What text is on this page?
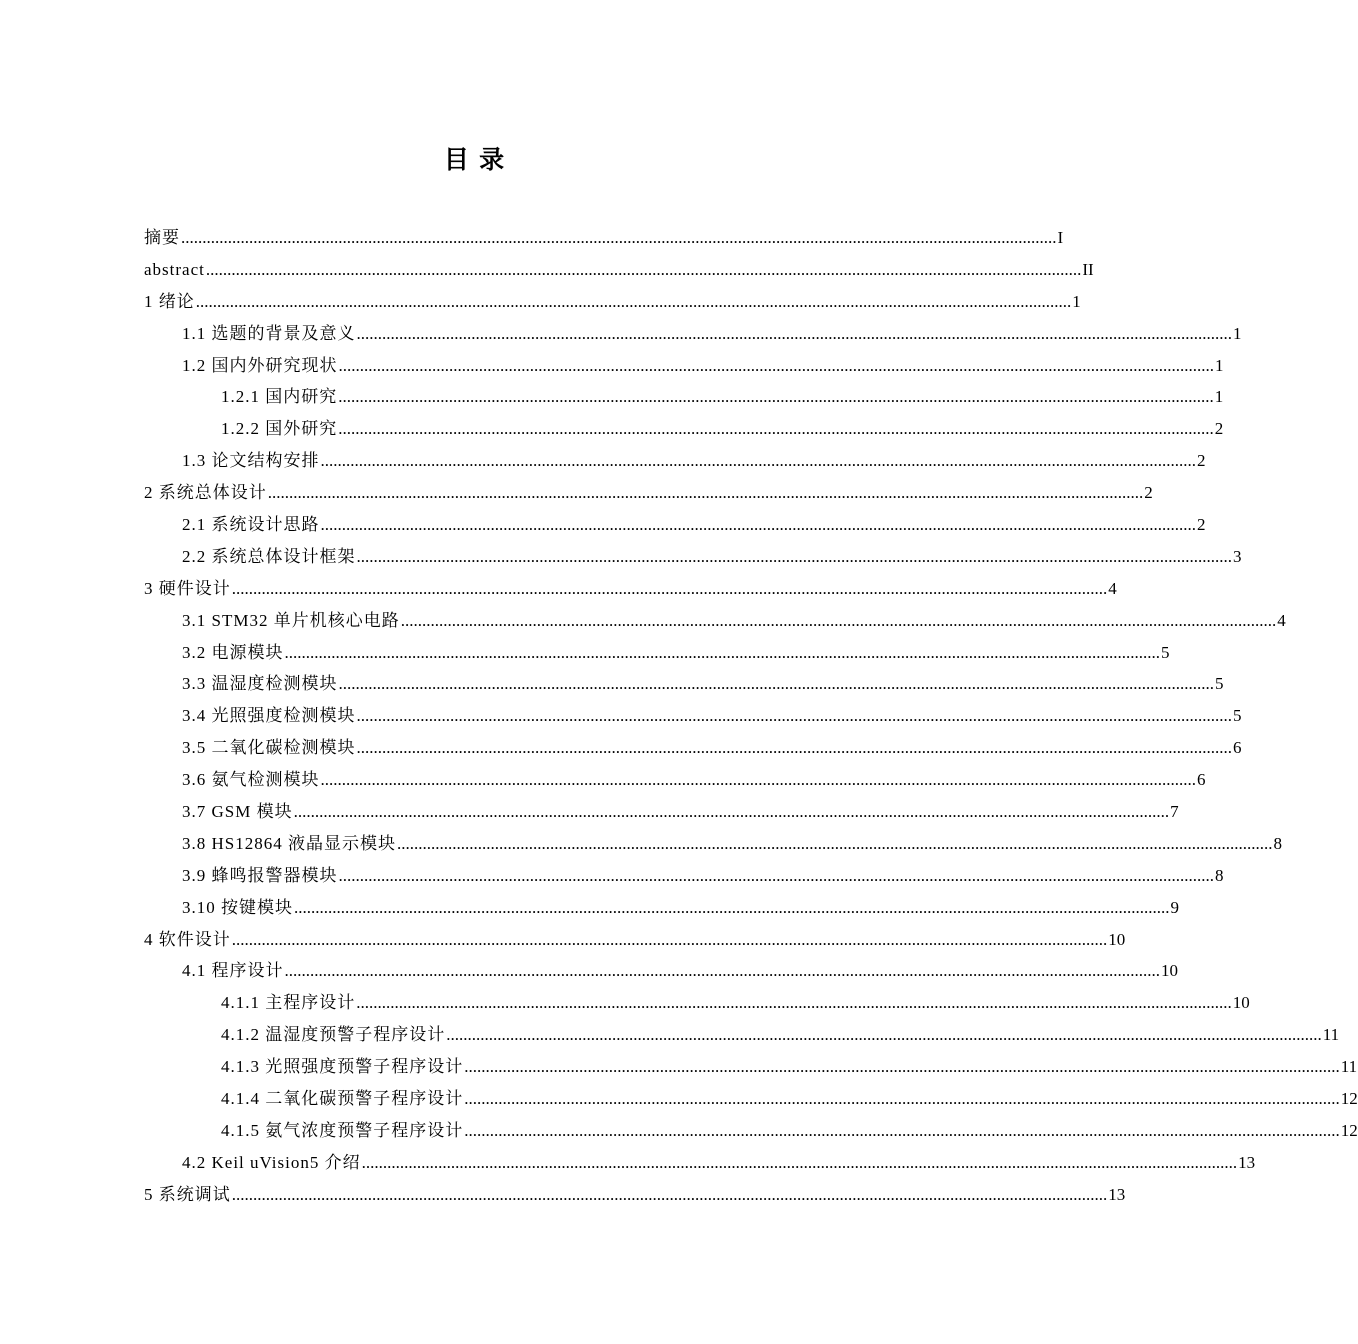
目 录
摘要 .............................................................................................................................................................................................................. I
abstract .............................................................................................................................................................................................................. II
1 绪论 .............................................................................................................................................................................................................. 1
1.1 选题的背景及意义 .............................................................................................................................................................................................................. 1
1.2 国内外研究现状 .............................................................................................................................................................................................................. 1
1.2.1 国内研究 .............................................................................................................................................................................................................. 1
1.2.2 国外研究 .............................................................................................................................................................................................................. 2
1.3 论文结构安排 .............................................................................................................................................................................................................. 2
2 系统总体设计 .............................................................................................................................................................................................................. 2
2.1 系统设计思路 .............................................................................................................................................................................................................. 2
2.2 系统总体设计框架 .............................................................................................................................................................................................................. 3
3 硬件设计 .............................................................................................................................................................................................................. 4
3.1 STM32 单片机核心电路 .............................................................................................................................................................................................................. 4
3.2 电源模块 .............................................................................................................................................................................................................. 5
3.3 温湿度检测模块 .............................................................................................................................................................................................................. 5
3.4 光照强度检测模块 .............................................................................................................................................................................................................. 5
3.5 二氧化碳检测模块 .............................................................................................................................................................................................................. 6
3.6 氨气检测模块 .............................................................................................................................................................................................................. 6
3.7 GSM 模块 .............................................................................................................................................................................................................. 7
3.8 HS12864 液晶显示模块 .............................................................................................................................................................................................................. 8
3.9 蜂鸣报警器模块 .............................................................................................................................................................................................................. 8
3.10 按键模块 .............................................................................................................................................................................................................. 9
4 软件设计 .............................................................................................................................................................................................................. 10
4.1 程序设计 .............................................................................................................................................................................................................. 10
4.1.1 主程序设计 .............................................................................................................................................................................................................. 10
4.1.2 温湿度预警子程序设计 .............................................................................................................................................................................................................. 11
4.1.3 光照强度预警子程序设计 .............................................................................................................................................................................................................. 11
4.1.4 二氧化碳预警子程序设计 .............................................................................................................................................................................................................. 12
4.1.5 氨气浓度预警子程序设计 .............................................................................................................................................................................................................. 12
4.2 Keil uVision5 介绍 .............................................................................................................................................................................................................. 13
5 系统调试 .............................................................................................................................................................................................................. 13
